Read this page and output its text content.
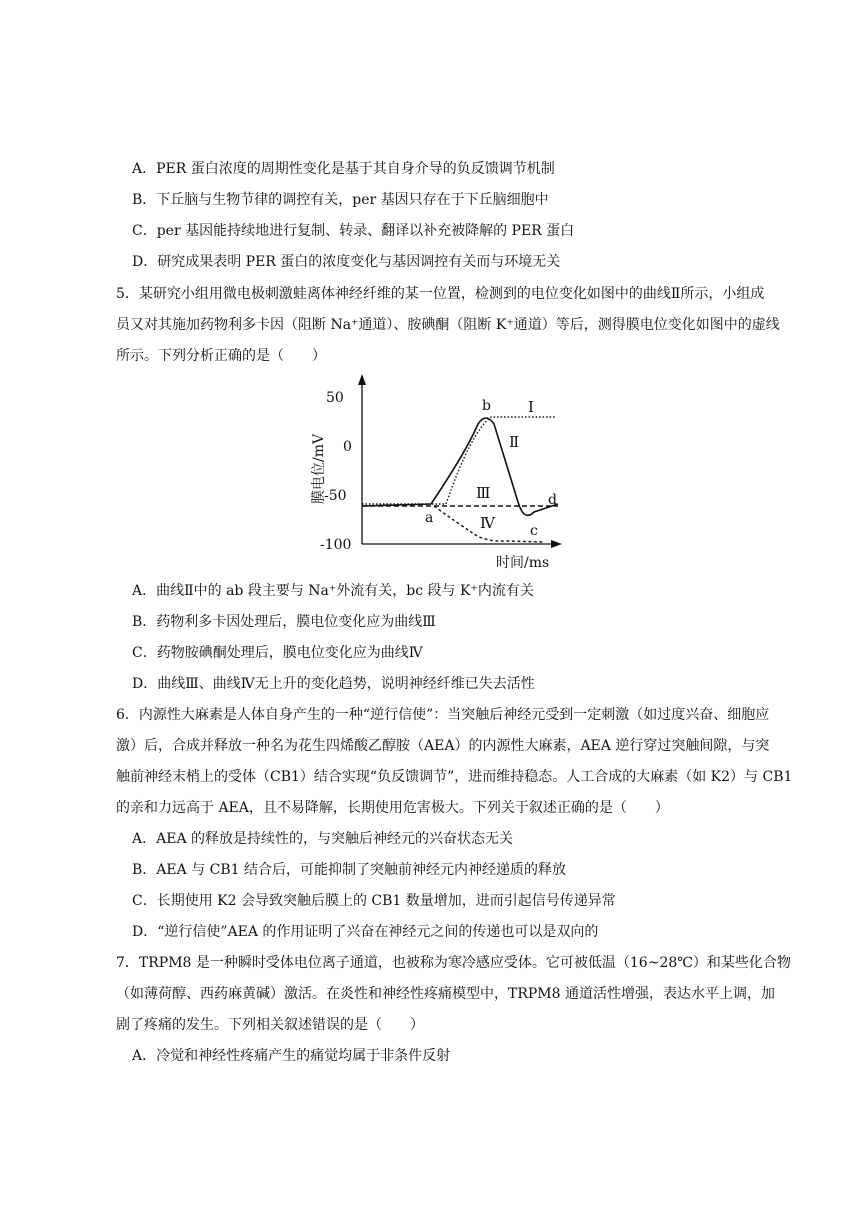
A．PER 蛋白浓度的周期性变化是基于其自身介导的负反馈调节机制
B．下丘脑与生物节律的调控有关，per 基因只存在于下丘脑细胞中
C．per 基因能持续地进行复制、转录、翻译以补充被降解的 PER 蛋白
D．研究成果表明 PER 蛋白的浓度变化与基因调控有关而与环境无关
5．某研究小组用微电极刺激蛙离体神经纤维的某一位置，检测到的电位变化如图中的曲线Ⅱ所示，小组成
员又对其施加药物利多卡因（阻断 Na⁺通道）、胺碘酮（阻断 K⁺通道）等后，测得膜电位变化如图中的虚线
所示。下列分析正确的是（　　）
50
0
-50
-100
膜电位/mV
时间/ms
a
b
c
d
Ⅰ
Ⅱ
Ⅲ
Ⅳ
A．曲线Ⅱ中的 ab 段主要与 Na⁺外流有关，bc 段与 K⁺内流有关
B．药物利多卡因处理后，膜电位变化应为曲线Ⅲ
C．药物胺碘酮处理后，膜电位变化应为曲线Ⅳ
D．曲线Ⅲ、曲线Ⅳ无上升的变化趋势，说明神经纤维已失去活性
6．内源性大麻素是人体自身产生的一种“逆行信使”：当突触后神经元受到一定刺激（如过度兴奋、细胞应
激）后，合成并释放一种名为花生四烯酸乙醇胺（AEA）的内源性大麻素，AEA 逆行穿过突触间隙，与突
触前神经末梢上的受体（CB1）结合实现“负反馈调节”，进而维持稳态。人工合成的大麻素（如 K2）与 CB1
的亲和力远高于 AEA，且不易降解，长期使用危害极大。下列关于叙述正确的是（　　）
A．AEA 的释放是持续性的，与突触后神经元的兴奋状态无关
B．AEA 与 CB1 结合后，可能抑制了突触前神经元内神经递质的释放
C．长期使用 K2 会导致突触后膜上的 CB1 数量增加，进而引起信号传递异常
D．“逆行信使”AEA 的作用证明了兴奋在神经元之间的传递也可以是双向的
7．TRPM8 是一种瞬时受体电位离子通道，也被称为寒冷感应受体。它可被低温（16~28℃）和某些化合物
（如薄荷醇、西药麻黄碱）激活。在炎性和神经性疼痛模型中，TRPM8 通道活性增强，表达水平上调，加
剧了疼痛的发生。下列相关叙述错误的是（　　）
A．冷觉和神经性疼痛产生的痛觉均属于非条件反射
